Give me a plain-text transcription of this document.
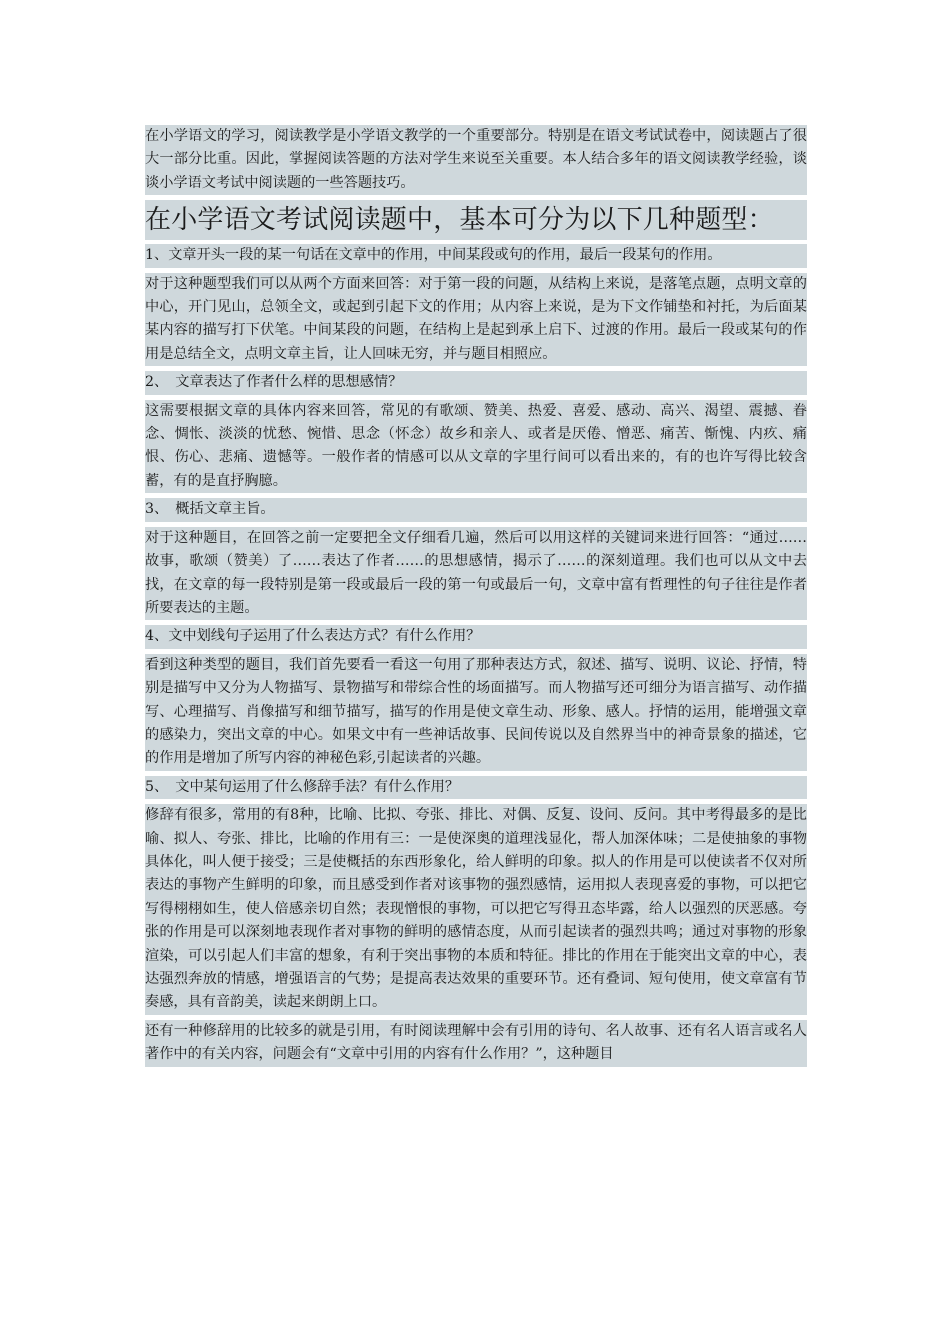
在小学语文的学习，阅读教学是小学语文教学的一个重要部分。特别是在语文考试试卷中，阅读题占了很大一部分比重。因此，掌握阅读答题的方法对学生来说至关重要。本人结合多年的语文阅读教学经验，谈谈小学语文考试中阅读题的一些答题技巧。

在小学语文考试阅读题中，基本可分为以下几种题型：

1、文章开头一段的某一句话在文章中的作用，中间某段或句的作用，最后一段某句的作用。

对于这种题型我们可以从两个方面来回答：对于第一段的问题，从结构上来说，是落笔点题，点明文章的中心，开门见山，总领全文，或起到引起下文的作用；从内容上来说，是为下文作铺垫和衬托，为后面某某内容的描写打下伏笔。中间某段的问题，在结构上是起到承上启下、过渡的作用。最后一段或某句的作用是总结全文，点明文章主旨，让人回味无穷，并与题目相照应。

2、　文章表达了作者什么样的思想感情？

这需要根据文章的具体内容来回答，常见的有歌颂、赞美、热爱、喜爱、感动、高兴、渴望、震撼、眷念、惆怅、淡淡的忧愁、惋惜、思念（怀念）故乡和亲人、或者是厌倦、憎恶、痛苦、惭愧、内疚、痛恨、伤心、悲痛、遗憾等。一般作者的情感可以从文章的字里行间可以看出来的，有的也许写得比较含蓄，有的是直抒胸臆。

3、　概括文章主旨。

对于这种题目，在回答之前一定要把全文仔细看几遍，然后可以用这样的关键词来进行回答：“通过……　故事，歌颂（赞美）了……表达了作者……的思想感情，揭示了……的深刻道理。我们也可以从文中去找，在文章的每一段特别是第一段或最后一段的第一句或最后一句，文章中富有哲理性的句子往往是作者所要表达的主题。

4、文中划线句子运用了什么表达方式？有什么作用？

看到这种类型的题目，我们首先要看一看这一句用了那种表达方式，叙述、描写、说明、议论、抒情，特别是描写中又分为人物描写、景物描写和带综合性的场面描写。而人物描写还可细分为语言描写、动作描写、心理描写、肖像描写和细节描写，描写的作用是使文章生动、形象、感人。抒情的运用，能增强文章的感染力，突出文章的中心。如果文中有一些神话故事、民间传说以及自然界当中的神奇景象的描述，它的作用是增加了所写内容的神秘色彩,引起读者的兴趣。

5、　文中某句运用了什么修辞手法？有什么作用？

修辞有很多，常用的有8种，比喻、比拟、夸张、排比、对偶、反复、设问、反问。其中考得最多的是比喻、拟人、夸张、排比，比喻的作用有三：一是使深奥的道理浅显化，帮人加深体味；二是使抽象的事物具体化，叫人便于接受；三是使概括的东西形象化，给人鲜明的印象。拟人的作用是可以使读者不仅对所表达的事物产生鲜明的印象，而且感受到作者对该事物的强烈感情，运用拟人表现喜爱的事物，可以把它写得栩栩如生，使人倍感亲切自然；表现憎恨的事物，可以把它写得丑态毕露，给人以强烈的厌恶感。夸张的作用是可以深刻地表现作者对事物的鲜明的感情态度，从而引起读者的强烈共鸣；通过对事物的形象渲染，可以引起人们丰富的想象，有利于突出事物的本质和特征。排比的作用在于能突出文章的中心，表达强烈奔放的情感，增强语言的气势；是提高表达效果的重要环节。还有叠词、短句使用，使文章富有节奏感，具有音韵美，读起来朗朗上口。

还有一种修辞用的比较多的就是引用，有时阅读理解中会有引用的诗句、名人故事、还有名人语言或名人著作中的有关内容，问题会有“文章中引用的内容有什么作用？”，这种题目
